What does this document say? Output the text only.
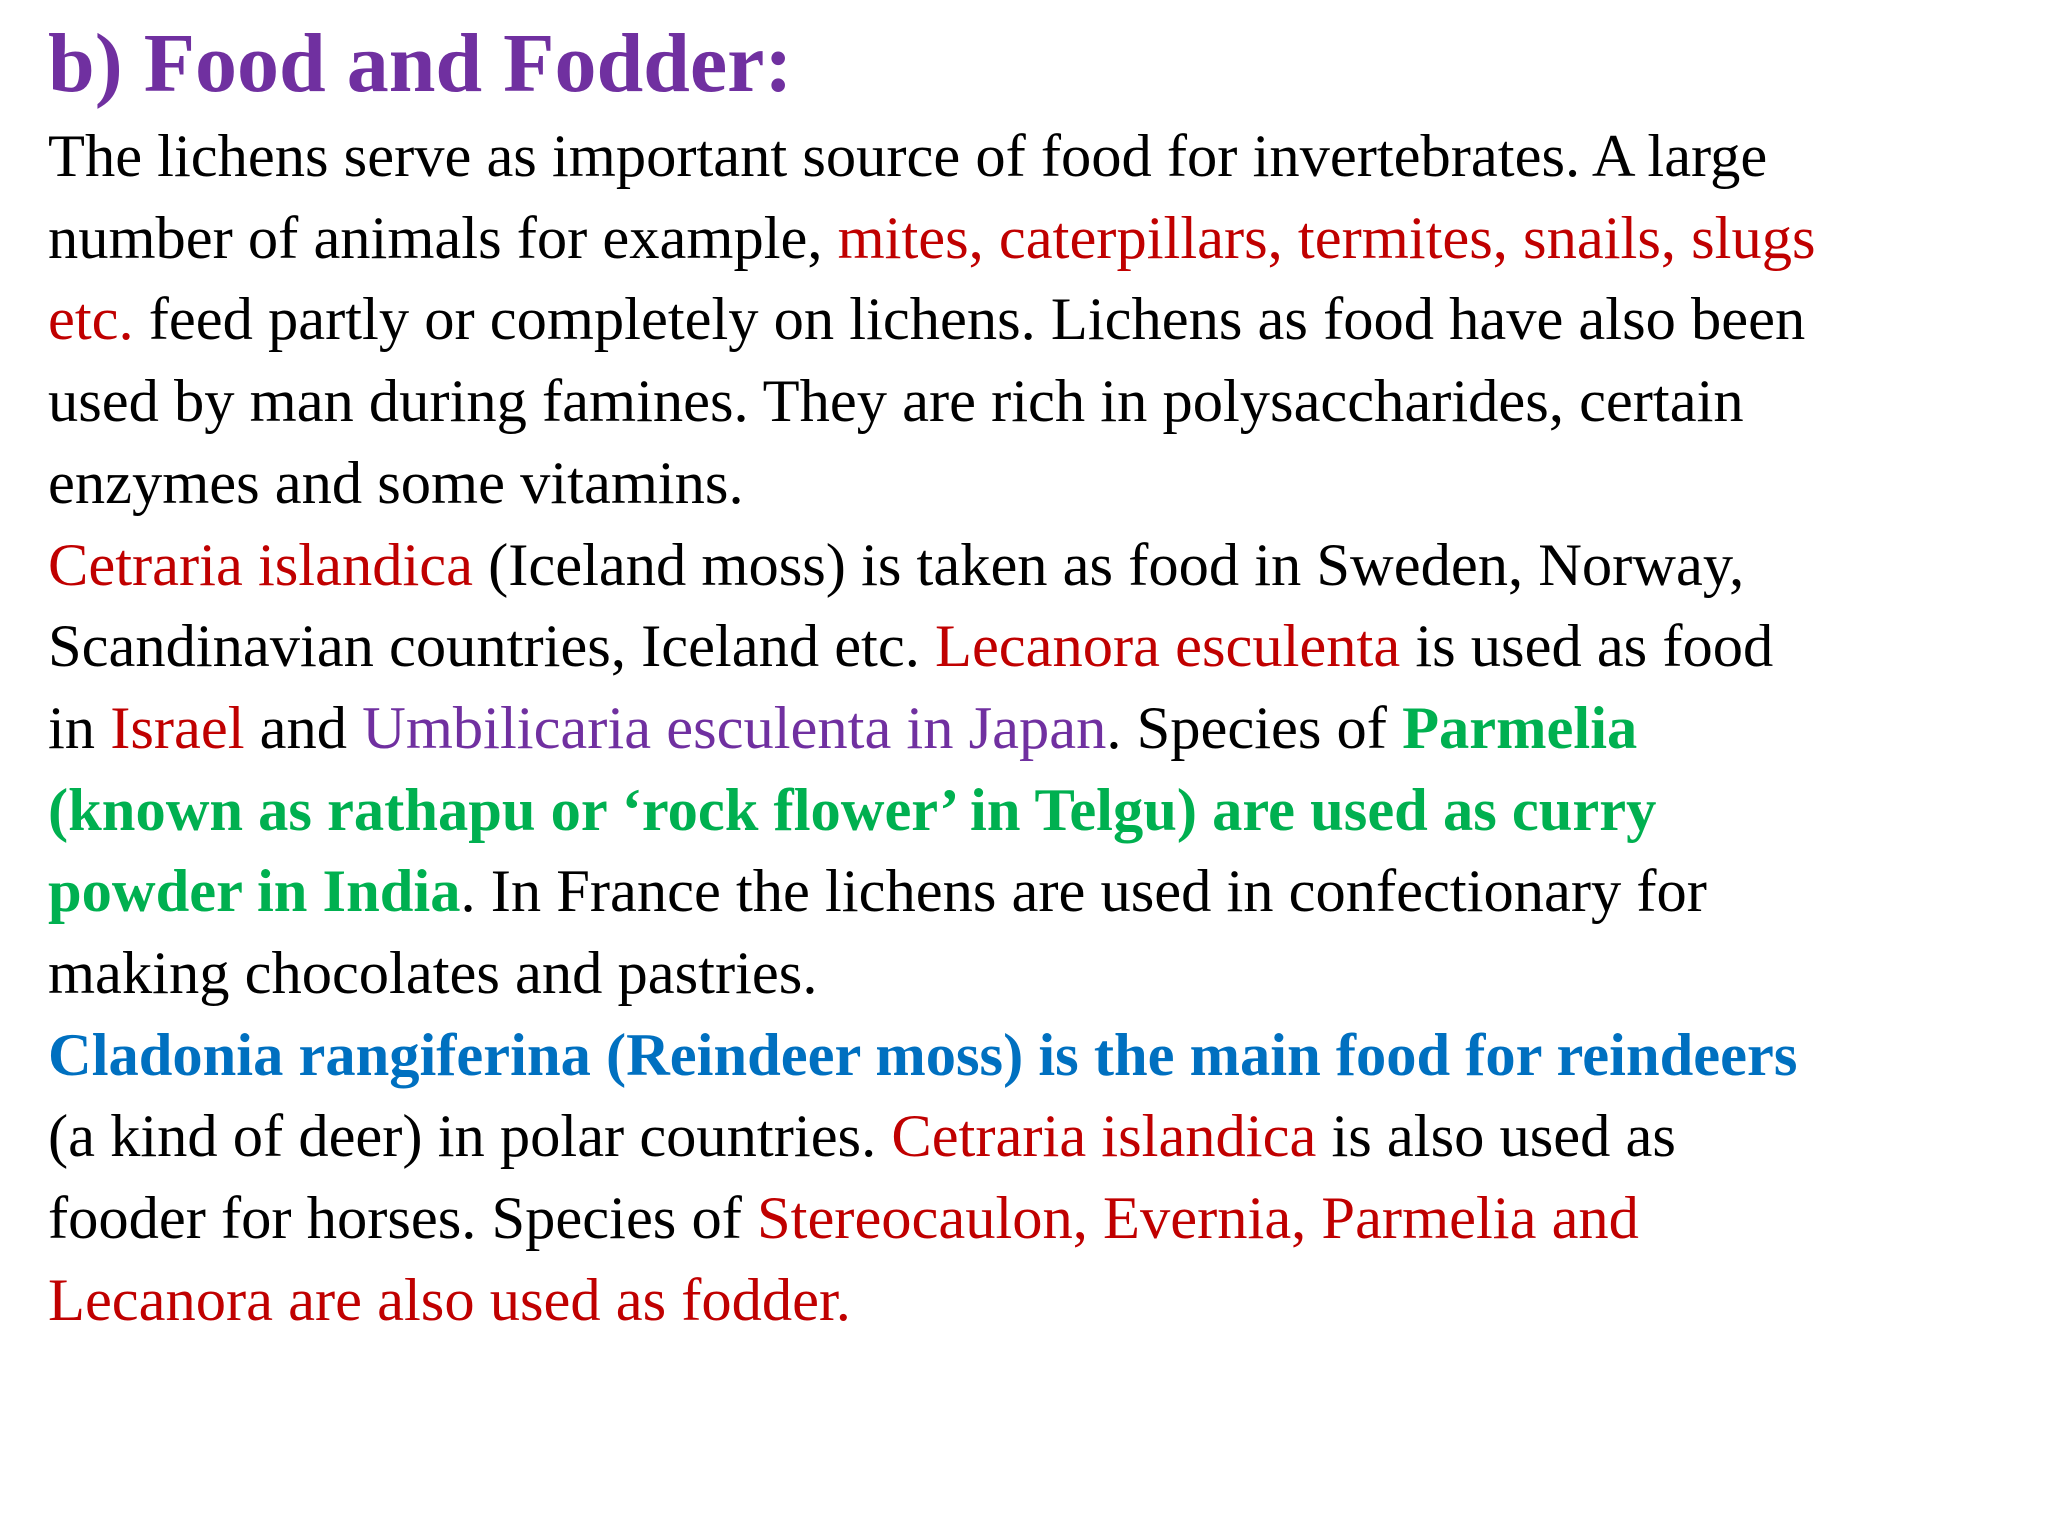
b) Food and Fodder:
The lichens serve as important source of food for invertebrates. A large
number of animals for example, mites, caterpillars, termites, snails, slugs
etc. feed partly or completely on lichens. Lichens as food have also been
used by man during famines. They are rich in polysaccharides, certain
enzymes and some vitamins.
Cetraria islandica (Iceland moss) is taken as food in Sweden, Norway,
Scandinavian countries, Iceland etc. Lecanora esculenta is used as food
in Israel and Umbilicaria esculenta in Japan. Species of Parmelia
(known as rathapu or ‘rock flower’ in Telgu) are used as curry
powder in India. In France the lichens are used in confectionary for
making chocolates and pastries.
Cladonia rangiferina (Reindeer moss) is the main food for reindeers
(a kind of deer) in polar countries. Cetraria islandica is also used as
fooder for horses. Species of Stereocaulon, Evernia, Parmelia and
Lecanora are also used as fodder.
